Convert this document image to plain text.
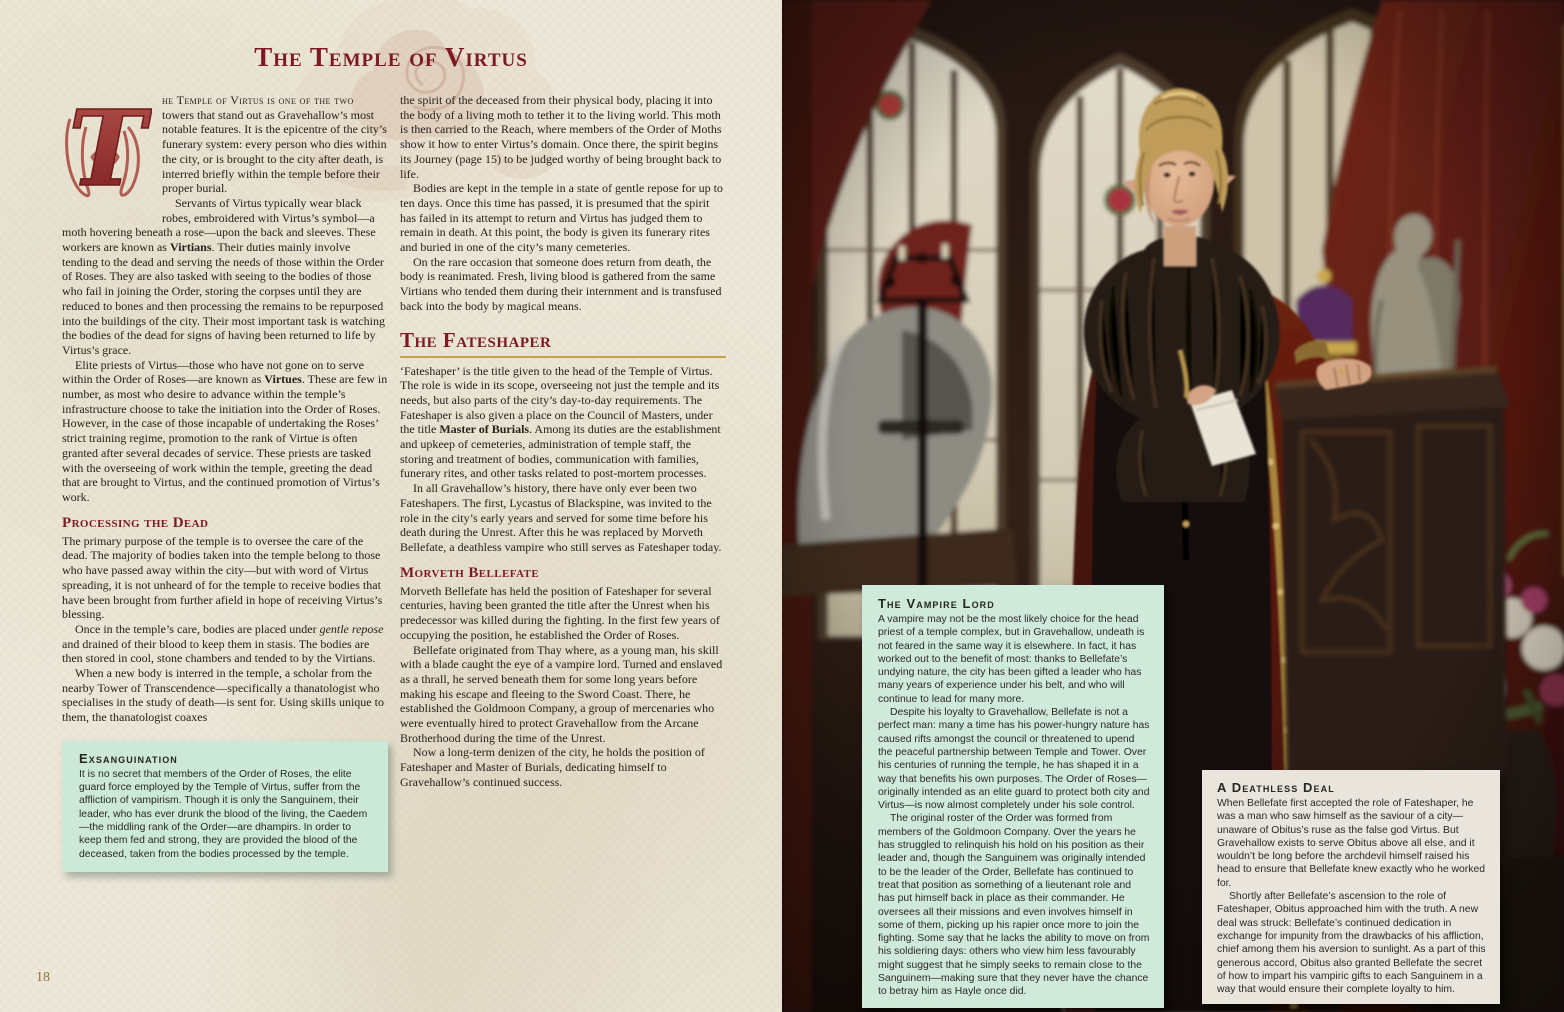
The Temple of Virtus
T	he Temple of Virtus is one of the two towers that stand out as Gravehallow’s most notable features. It is the epicentre of the city’s funerary system: every person who dies within the city, or is brought to the city after death, is interred briefly within the temple before their proper burial.

Servants of Virtus typically wear black robes, embroidered with Virtus’s symbol—a moth hovering beneath a rose—upon the back and sleeves. These workers are known as Virtians. Their duties mainly involve tending to the dead and serving the needs of those within the Order of Roses. They are also tasked with seeing to the bodies of those who fail in joining the Order, storing the corpses until they are reduced to bones and then processing the remains to be repurposed into the buildings of the city. Their most important task is watching the bodies of the dead for signs of having been returned to life by Virtus’s grace.

Elite priests of Virtus—those who have not gone on to serve within the Order of Roses—are known as Virtues. These are few in number, as most who desire to advance within the temple’s infrastructure choose to take the initiation into the Order of Roses. However, in the case of those incapable of undertaking the Roses’ strict training regime, promotion to the rank of Virtue is often granted after several decades of service. These priests are tasked with the overseeing of work within the temple, greeting the dead that are brought to Virtus, and the continued promotion of Virtus’s work.

Processing the Dead

The primary purpose of the temple is to oversee the care of the dead. The majority of bodies taken into the temple belong to those who have passed away within the city—but with word of Virtus spreading, it is not unheard of for the temple to receive bodies that have been brought from further afield in hope of receiving Virtus’s blessing.

Once in the temple’s care, bodies are placed under gentle repose and drained of their blood to keep them in stasis. The bodies are then stored in cool, stone chambers and tended to by the Virtians.

When a new body is interred in the temple, a scholar from the nearby Tower of Transcendence—specifically a thanatologist who specialises in the study of death—is sent for. Using skills unique to them, the thanatologist coaxes

Exsanguination

It is no secret that members of the Order of Roses, the elite guard force employed by the Temple of Virtus, suffer from the affliction of vampirism. Though it is only the Sanguinem, their leader, who has ever drunk the blood of the living, the Caedem—the middling rank of the Order—are dhampirs. In order to keep them fed and strong, they are provided the blood of the deceased, taken from the bodies processed by the temple.

the spirit of the deceased from their physical body, placing it into the body of a living moth to tether it to the living world. This moth is then carried to the Reach, where members of the Order of Moths show it how to enter Virtus’s domain. Once there, the spirit begins its Journey (page 15) to be judged worthy of being brought back to life.

Bodies are kept in the temple in a state of gentle repose for up to ten days. Once this time has passed, it is presumed that the spirit has failed in its attempt to return and Virtus has judged them to remain in death. At this point, the body is given its funerary rites and buried in one of the city’s many cemeteries.

On the rare occasion that someone does return from death, the body is reanimated. Fresh, living blood is gathered from the same Virtians who tended them during their internment and is transfused back into the body by magical means.

The Fateshaper

‘Fateshaper’ is the title given to the head of the Temple of Virtus. The role is wide in its scope, overseeing not just the temple and its needs, but also parts of the city’s day-to-day requirements. The Fateshaper is also given a place on the Council of Masters, under the title Master of Burials. Among its duties are the establishment and upkeep of cemeteries, administration of temple staff, the storing and treatment of bodies, communication with families, funerary rites, and other tasks related to post-mortem processes.

In all Gravehallow’s history, there have only ever been two Fateshapers. The first, Lycastus of Blackspine, was invited to the role in the city’s early years and served for some time before his death during the Unrest. After this he was replaced by Morveth Bellefate, a deathless vampire who still serves as Fateshaper today.

Morveth Bellefate

Morveth Bellefate has held the position of Fateshaper for several centuries, having been granted the title after the Unrest when his predecessor was killed during the fighting. In the first few years of occupying the position, he established the Order of Roses.

Bellefate originated from Thay where, as a young man, his skill with a blade caught the eye of a vampire lord. Turned and enslaved as a thrall, he served beneath them for some long years before making his escape and fleeing to the Sword Coast. There, he established the Goldmoon Company, a group of mercenaries who were eventually hired to protect Gravehallow from the Arcane Brotherhood during the time of the Unrest.

Now a long-term denizen of the city, he holds the position of Fateshaper and Master of Burials, dedicating himself to Gravehallow’s continued success.

18
The Vampire Lord

A vampire may not be the most likely choice for the head priest of a temple complex, but in Gravehallow, undeath is not feared in the same way it is elsewhere. In fact, it has worked out to the benefit of most: thanks to Bellefate’s undying nature, the city has been gifted a leader who has many years of experience under his belt, and who will continue to lead for many more.

Despite his loyalty to Gravehallow, Bellefate is not a perfect man: many a time has his power-hungry nature has caused rifts amongst the council or threatened to upend the peaceful partnership between Temple and Tower. Over his centuries of running the temple, he has shaped it in a way that benefits his own purposes. The Order of Roses—originally intended as an elite guard to protect both city and Virtus—is now almost completely under his sole control.

The original roster of the Order was formed from members of the Goldmoon Company. Over the years he has struggled to relinquish his hold on his position as their leader and, though the Sanguinem was originally intended to be the leader of the Order, Bellefate has continued to treat that position as something of a lieutenant role and has put himself back in place as their commander. He oversees all their missions and even involves himself in some of them, picking up his rapier once more to join the fighting. Some say that he lacks the ability to move on from his soldiering days: others who view him less favourably might suggest that he simply seeks to remain close to the Sanguinem—making sure that they never have the chance to betray him as Hayle once did.

A Deathless Deal

When Bellefate first accepted the role of Fateshaper, he was a man who saw himself as the saviour of a city—unaware of Obitus’s ruse as the false god Virtus. But Gravehallow exists to serve Obitus above all else, and it wouldn’t be long before the archdevil himself raised his head to ensure that Bellefate knew exactly who he worked for.

Shortly after Bellefate’s ascension to the role of Fateshaper, Obitus approached him with the truth. A new deal was struck: Bellefate’s continued dedication in exchange for impunity from the drawbacks of his affliction, chief among them his aversion to sunlight. As a part of this generous accord, Obitus also granted Bellefate the secret of how to impart his vampiric gifts to each Sanguinem in a way that would ensure their complete loyalty to him.
